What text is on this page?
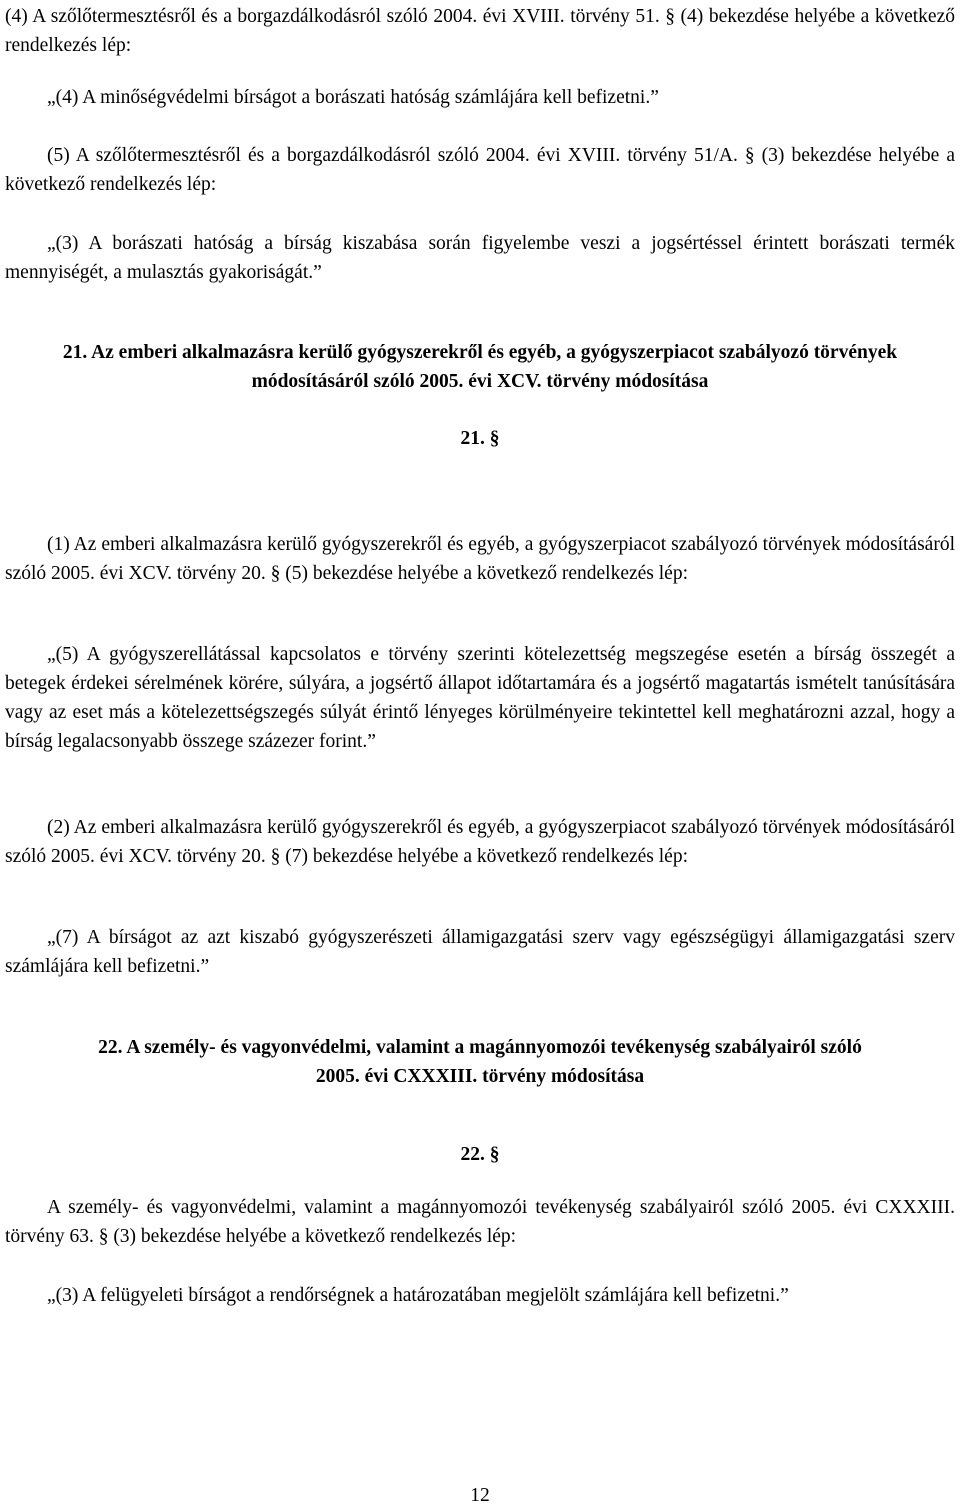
(4) A szőlőtermesztésről és a borgazdálkodásról szóló 2004. évi XVIII. törvény 51. § (4) bekezdése helyébe a következő rendelkezés lép:

„(4) A minőségvédelmi bírságot a borászati hatóság számlájára kell befizetni.”

(5) A szőlőtermesztésről és a borgazdálkodásról szóló 2004. évi XVIII. törvény 51/A. § (3) bekezdése helyébe a következő rendelkezés lép:

„(3) A borászati hatóság a bírság kiszabása során figyelembe veszi a jogsértéssel érintett borászati termék mennyiségét, a mulasztás gyakoriságát.”

21. Az emberi alkalmazásra kerülő gyógyszerekről és egyéb, a gyógyszerpiacot szabályozó törvények módosításáról szóló 2005. évi XCV. törvény módosítása

21. §

(1) Az emberi alkalmazásra kerülő gyógyszerekről és egyéb, a gyógyszerpiacot szabályozó törvények módosításáról szóló 2005. évi XCV. törvény 20. § (5) bekezdése helyébe a következő rendelkezés lép:

„(5) A gyógyszerellátással kapcsolatos e törvény szerinti kötelezettség megszegése esetén a bírság összegét a betegek érdekei sérelmének körére, súlyára, a jogsértő állapot időtartamára és a jogsértő magatartás ismételt tanúsítására vagy az eset más a kötelezettségszegés súlyát érintő lényeges körülményeire tekintettel kell meghatározni azzal, hogy a bírság legalacsonyabb összege százezer forint.”

(2) Az emberi alkalmazásra kerülő gyógyszerekről és egyéb, a gyógyszerpiacot szabályozó törvények módosításáról szóló 2005. évi XCV. törvény 20. § (7) bekezdése helyébe a következő rendelkezés lép:

„(7) A bírságot az azt kiszabó gyógyszerészeti államigazgatási szerv vagy egészségügyi államigazgatási szerv számlájára kell befizetni.”

22. A személy- és vagyonvédelmi, valamint a magánnyomozói tevékenység szabályairól szóló 2005. évi CXXXIII. törvény módosítása

22. §

A személy- és vagyonvédelmi, valamint a magánnyomozói tevékenység szabályairól szóló 2005. évi CXXXIII. törvény 63. § (3) bekezdése helyébe a következő rendelkezés lép:

„(3) A felügyeleti bírságot a rendőrségnek a határozatában megjelölt számlájára kell befizetni.”

12
